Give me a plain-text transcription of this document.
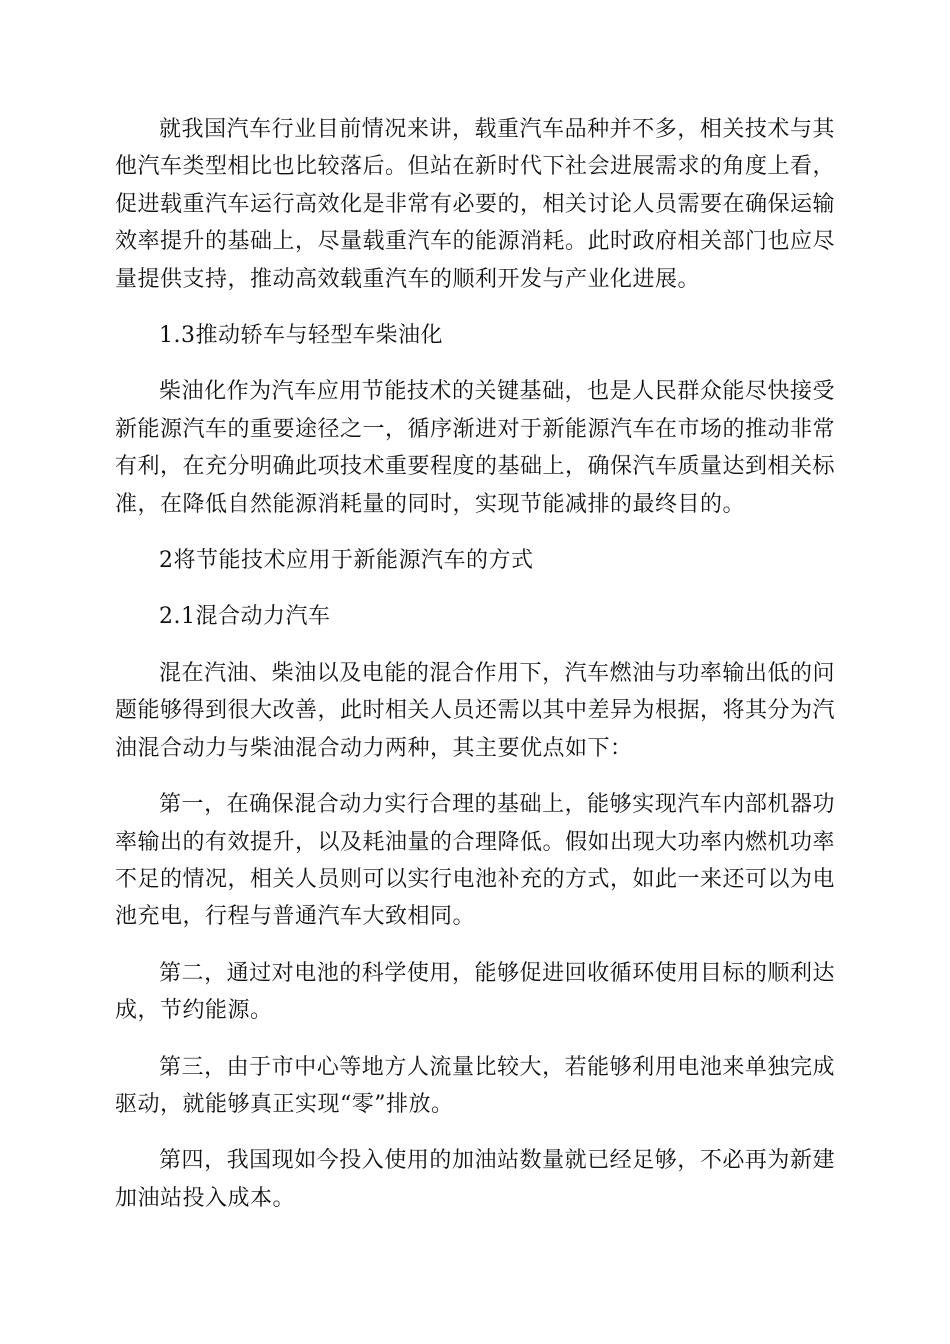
就我国汽车行业目前情况来讲，载重汽车品种并不多，相关技术与其他汽车类型相比也比较落后。但站在新时代下社会进展需求的角度上看，促进载重汽车运行高效化是非常有必要的，相关讨论人员需要在确保运输效率提升的基础上，尽量载重汽车的能源消耗。此时政府相关部门也应尽量提供支持，推动高效载重汽车的顺利开发与产业化进展。

1.3推动轿车与轻型车柴油化

柴油化作为汽车应用节能技术的关键基础，也是人民群众能尽快接受新能源汽车的重要途径之一，循序渐进对于新能源汽车在市场的推动非常有利，在充分明确此项技术重要程度的基础上，确保汽车质量达到相关标准，在降低自然能源消耗量的同时，实现节能减排的最终目的。

2将节能技术应用于新能源汽车的方式

2.1混合动力汽车

混在汽油、柴油以及电能的混合作用下，汽车燃油与功率输出低的问题能够得到很大改善，此时相关人员还需以其中差异为根据，将其分为汽油混合动力与柴油混合动力两种，其主要优点如下：

第一，在确保混合动力实行合理的基础上，能够实现汽车内部机器功率输出的有效提升，以及耗油量的合理降低。假如出现大功率内燃机功率不足的情况，相关人员则可以实行电池补充的方式，如此一来还可以为电池充电，行程与普通汽车大致相同。

第二，通过对电池的科学使用，能够促进回收循环使用目标的顺利达成，节约能源。

第三，由于市中心等地方人流量比较大，若能够利用电池来单独完成驱动，就能够真正实现“零”排放。

第四，我国现如今投入使用的加油站数量就已经足够，不必再为新建加油站投入成本。
